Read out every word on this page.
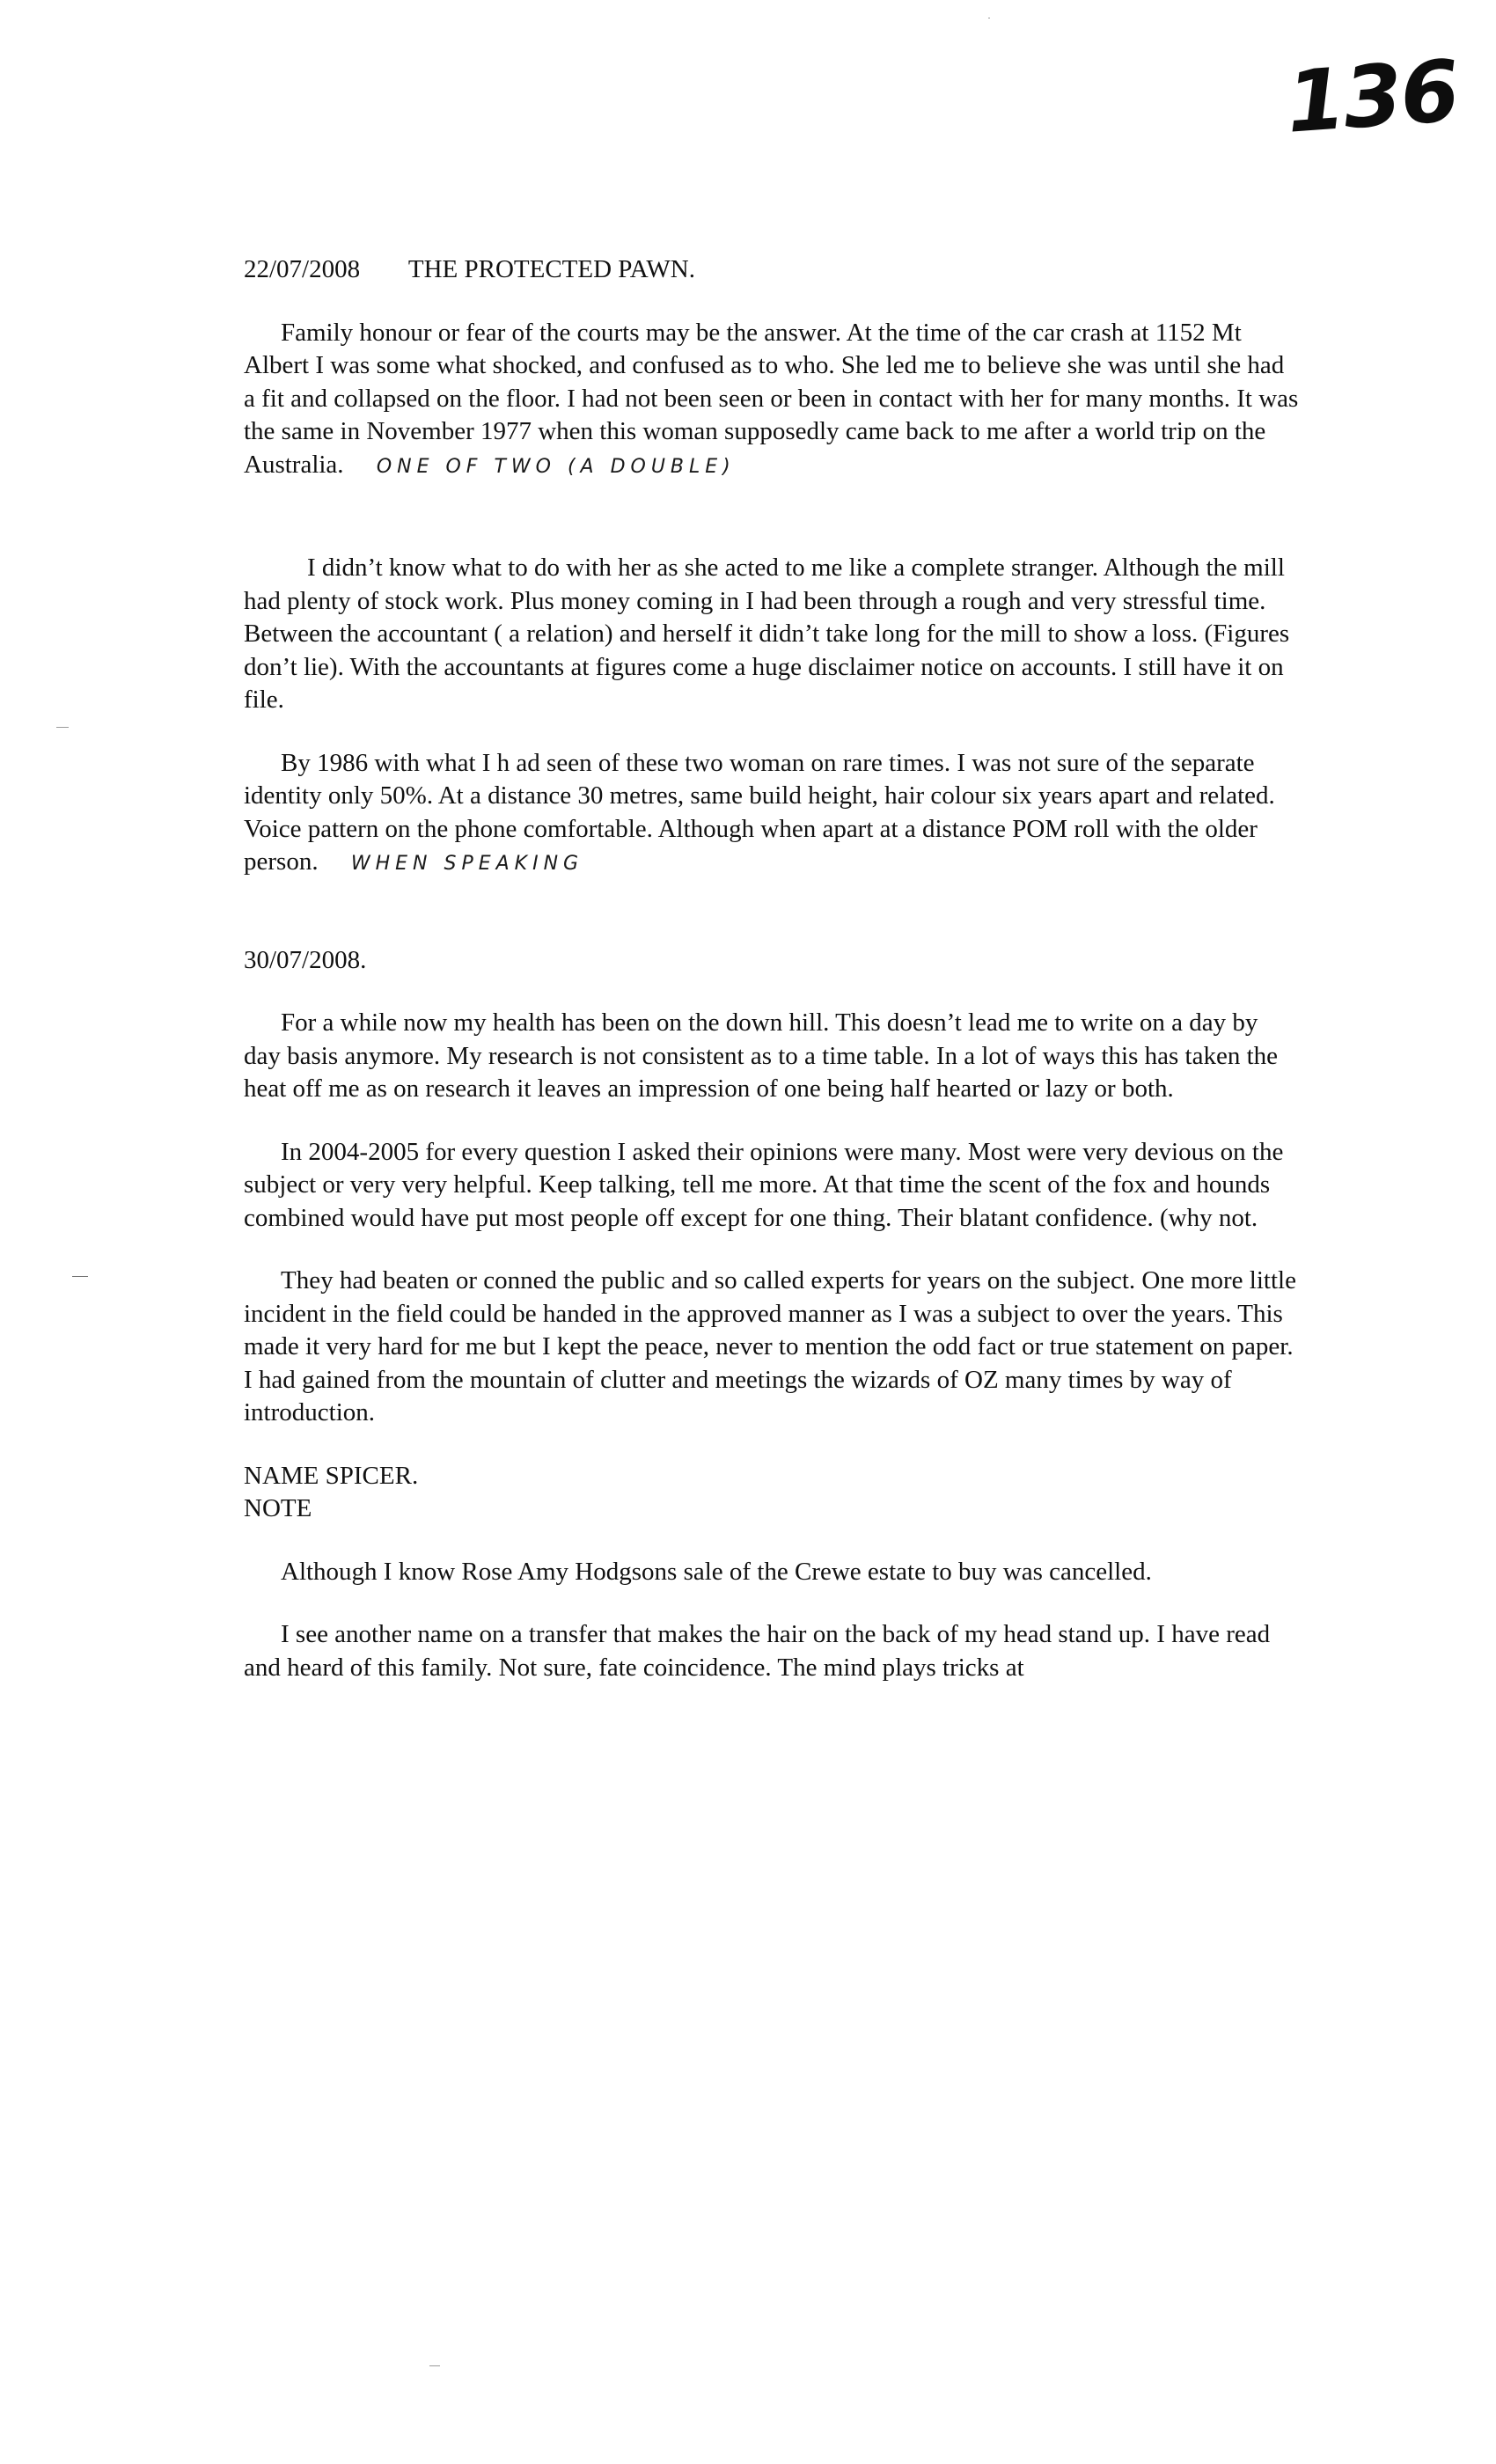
136
22/07/2008 THE PROTECTED PAWN.

Family honour or fear of the courts may be the answer. At the time of the car crash at 1152 Mt Albert I was some what shocked, and confused as to who. She led me to believe she was until she had a fit and collapsed on the floor. I had not been seen or been in contact with her for many months. It was the same in November 1977 when this woman supposedly came back to me after a world trip on the Australia. ONE OF TWO (A DOUBLE)

I didn’t know what to do with her as she acted to me like a complete stranger. Although the mill had plenty of stock work. Plus money coming in I had been through a rough and very stressful time. Between the accountant ( a relation) and herself it didn’t take long for the mill to show a loss. (Figures don’t lie). With the accountants at figures come a huge disclaimer notice on accounts. I still have it on file.

By 1986 with what I h ad seen of these two woman on rare times. I was not sure of the separate identity only 50%. At a distance 30 metres, same build height, hair colour six years apart and related. Voice pattern on the phone comfortable. Although when apart at a distance POM roll with the older person. WHEN SPEAKING

30/07/2008.

For a while now my health has been on the down hill. This doesn’t lead me to write on a day by day basis anymore. My research is not consistent as to a time table. In a lot of ways this has taken the heat off me as on research it leaves an impression of one being half hearted or lazy or both.

In 2004-2005 for every question I asked their opinions were many. Most were very devious on the subject or very very helpful. Keep talking, tell me more. At that time the scent of the fox and hounds combined would have put most people off except for one thing. Their blatant confidence. (why not.

They had beaten or conned the public and so called experts for years on the subject. One more little incident in the field could be handed in the approved manner as I was a subject to over the years. This made it very hard for me but I kept the peace, never to mention the odd fact or true statement on paper. I had gained from the mountain of clutter and meetings the wizards of OZ many times by way of introduction.

NAME SPICER.

NOTE

Although I know Rose Amy Hodgsons sale of the Crewe estate to buy was cancelled.

I see another name on a transfer that makes the hair on the back of my head stand up. I have read and heard of this family. Not sure, fate coincidence. The mind plays tricks at
